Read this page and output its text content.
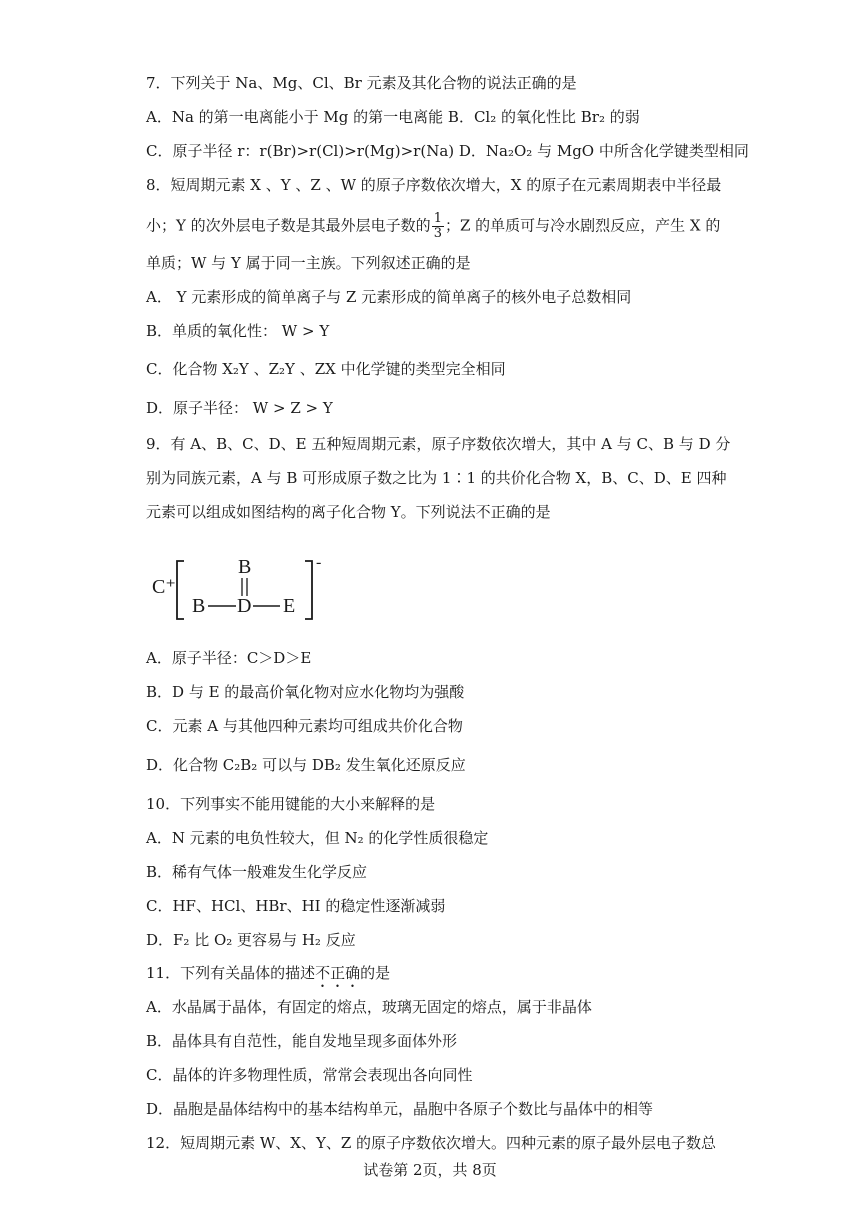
7．下列关于 Na、Mg、Cl、Br 元素及其化合物的说法正确的是
A．Na 的第一电离能小于 Mg 的第一电离能 B．Cl₂ 的氧化性比 Br₂ 的弱
C．原子半径 r：r(Br)>r(Cl)>r(Mg)>r(Na) D．Na₂O₂ 与 MgO 中所含化学键类型相同
8．短周期元素 X 、Y 、Z 、W 的原子序数依次增大，X 的原子在元素周期表中半径最
小；Y 的次外层电子数是其最外层电子数的 $\frac{1}{3}$ ；Z 的单质可与冷水剧烈反应，产生 X 的
单质；W 与 Y 属于同一主族。下列叙述正确的是
A． Y 元素形成的简单离子与 Z 元素形成的简单离子的核外电子总数相同
B．单质的氧化性： W > Y
C．化合物 X₂Y 、Z₂Y 、ZX 中化学键的类型完全相同
D．原子半径： W > Z > Y
9．有 A、B、C、D、E 五种短周期元素，原子序数依次增大，其中 A 与 C、B 与 D 分
别为同族元素，A 与 B 可形成原子数之比为 1∶1 的共价化合物 X，B、C、D、E 四种
元素可以组成如图结构的离子化合物 Y。下列说法不正确的是
C⁺
B
B D E
-
A．原子半径：C＞D＞E
B．D 与 E 的最高价氧化物对应水化物均为强酸
C．元素 A 与其他四种元素均可组成共价化合物
D．化合物 C₂B₂ 可以与 DB₂ 发生氧化还原反应
10．下列事实不能用键能的大小来解释的是
A．N 元素的电负性较大，但 N₂ 的化学性质很稳定
B．稀有气体一般难发生化学反应
C．HF、HCl、HBr、HI 的稳定性逐渐减弱
D．F₂ 比 O₂ 更容易与 H₂ 反应
11．下列有关晶体的描述不正确的是
A．水晶属于晶体，有固定的熔点，玻璃无固定的熔点，属于非晶体
B．晶体具有自范性，能自发地呈现多面体外形
C．晶体的许多物理性质，常常会表现出各向同性
D．晶胞是晶体结构中的基本结构单元，晶胞中各原子个数比与晶体中的相等
12．短周期元素 W、X、Y、Z 的原子序数依次增大。四种元素的原子最外层电子数总
试卷第 2页，共 8页
